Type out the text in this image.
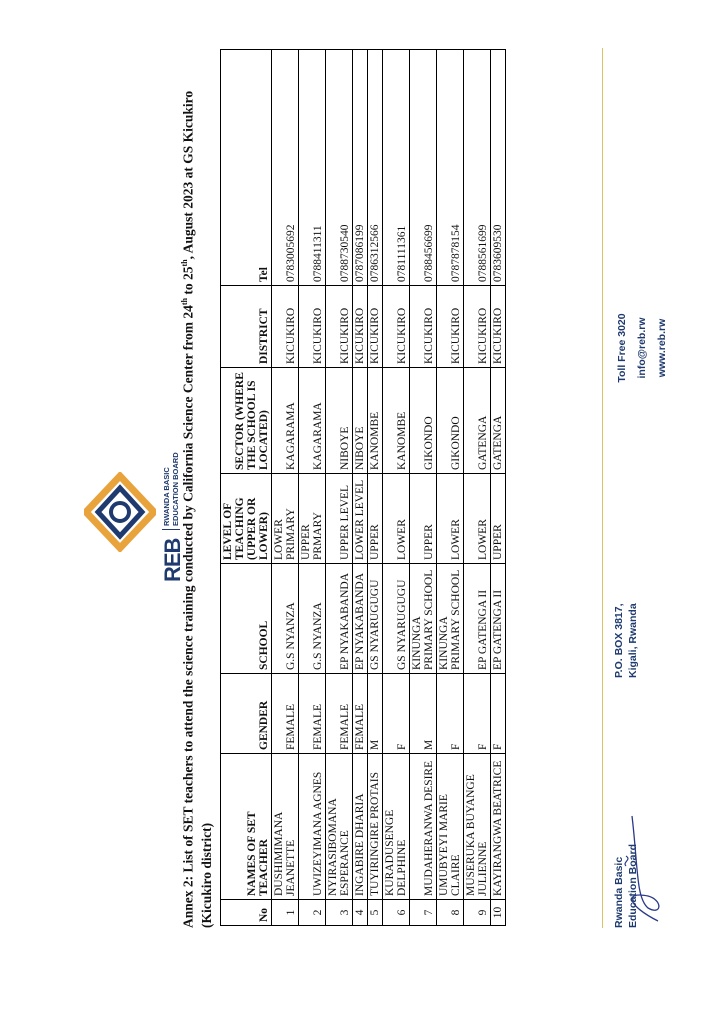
REB
RWANDA BASIC EDUCATION BOARD Annex 2: List of SET teachers to attend the science training conducted by California Science Center from 24th to 25th, August 2023 at GS Kicukiro (Kicukiro district)	No	NAMES OF SET TEACHER	GENDER	SCHOOL	LEVEL OF TEACHING (UPPER OR LOWER)	SECTOR (WHERE THE SCHOOL IS LOCATED)	DISTRICT	Tel
1	DUSHIMIMANA JEANETTE	FEMALE	G.S NYANZA	LOWER PRIMARY	KAGARAMA	KICUKIRO	0783005692
2	UWIZEYIMANA AGNES	FEMALE	G.S NYANZA	UPPER PRMARY	KAGARAMA	KICUKIRO	0788411311
3	NYIRASIBOMANA ESPERANCE	FEMALE	EP NYAKABANDA	UPPER LEVEL	NIBOYE	KICUKIRO	0788730540
4	INGABIRE DHARIA	FEMALE	EP NYAKABANDA	LOWER LEVEL	NIBOYE	KICUKIRO	0787086199
5	TUYIRINGIRE PROTAIS	M	GS NYARUGUGU	UPPER	KANOMBE	KICUKIRO	0786312566
6	KURADUSENGE DELPHINE	F	GS NYARUGUGU	LOWER	KANOMBE	KICUKIRO	0781111361
7	MUDAHERANWA DESIRE	M	KINUNGA PRIMARY SCHOOL	UPPER	GIKONDO	KICUKIRO	0788456699
8	UMUBYEYI MARIE CLAIRE	F	KINUNGA PRIMARY SCHOOL	LOWER	GIKONDO	KICUKIRO	0787878154
9	MUSERUKA BUYANGE JULIENNE	F	EP GATENGA II	LOWER	GATENGA	KICUKIRO	0788561699
10	KAYIRANGWA BEATRICE	F	EP GATENGA II	UPPER	GATENGA	KICUKIRO	0783609530
Rwanda Basic Education Board
P.O. BOX 3817, Kigali, Rwanda
Toll Free 3020 info@reb.rw www.reb.rw
